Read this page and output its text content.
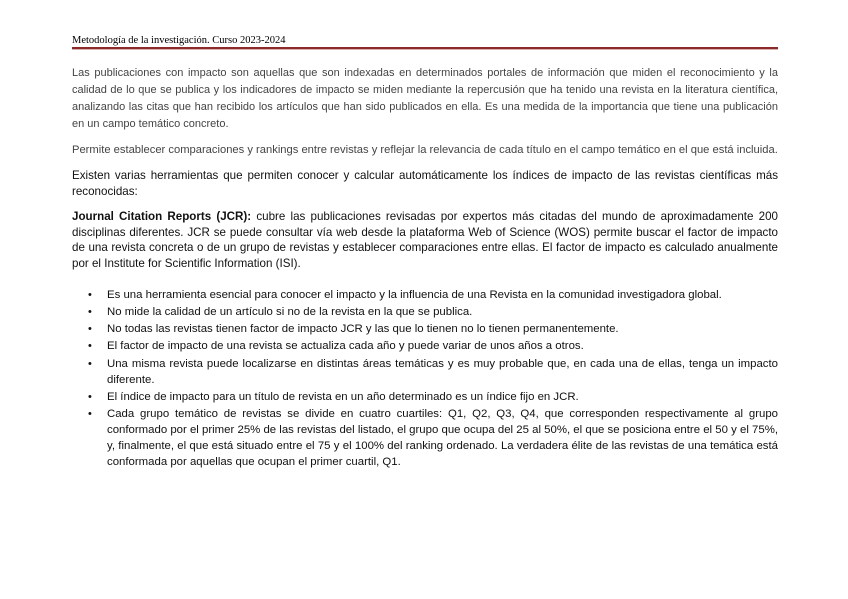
Metodología de la investigación. Curso 2023-2024

Las publicaciones con impacto son aquellas que son indexadas en determinados portales de información que miden el reconocimiento y la calidad de lo que se publica y los indicadores de impacto se miden mediante la repercusión que ha tenido una revista en la literatura científica, analizando las citas que han recibido los artículos que han sido publicados en ella. Es una medida de la importancia que tiene una publicación en un campo temático concreto.

Permite establecer comparaciones y rankings entre revistas y reflejar la relevancia de cada título en el campo temático en el que está incluida.

Existen varias herramientas que permiten conocer y calcular automáticamente los índices de impacto de las revistas científicas más reconocidas:

Journal Citation Reports (JCR): cubre las publicaciones revisadas por expertos más citadas del mundo de aproximadamente 200 disciplinas diferentes. JCR se puede consultar vía web desde la plataforma Web of Science (WOS) permite buscar el factor de impacto de una revista concreta o de un grupo de revistas y establecer comparaciones entre ellas. El factor de impacto es calculado anualmente por el Institute for Scientific Information (ISI).

• Es una herramienta esencial para conocer el impacto y la influencia de una Revista en la comunidad investigadora global.
• No mide la calidad de un artículo si no de la revista en la que se publica.
• No todas las revistas tienen factor de impacto JCR y las que lo tienen no lo tienen permanentemente.
• El factor de impacto de una revista se actualiza cada año y puede variar de unos años a otros.
• Una misma revista puede localizarse en distintas áreas temáticas y es muy probable que, en cada una de ellas, tenga un impacto diferente.
• El índice de impacto para un título de revista en un año determinado es un índice fijo en JCR.
• Cada grupo temático de revistas se divide en cuatro cuartiles: Q1, Q2, Q3, Q4, que corresponden respectivamente al grupo conformado por el primer 25% de las revistas del listado, el grupo que ocupa del 25 al 50%, el que se posiciona entre el 50 y el 75%, y, finalmente, el que está situado entre el 75 y el 100% del ranking ordenado. La verdadera élite de las revistas de una temática está conformada por aquellas que ocupan el primer cuartil, Q1.
